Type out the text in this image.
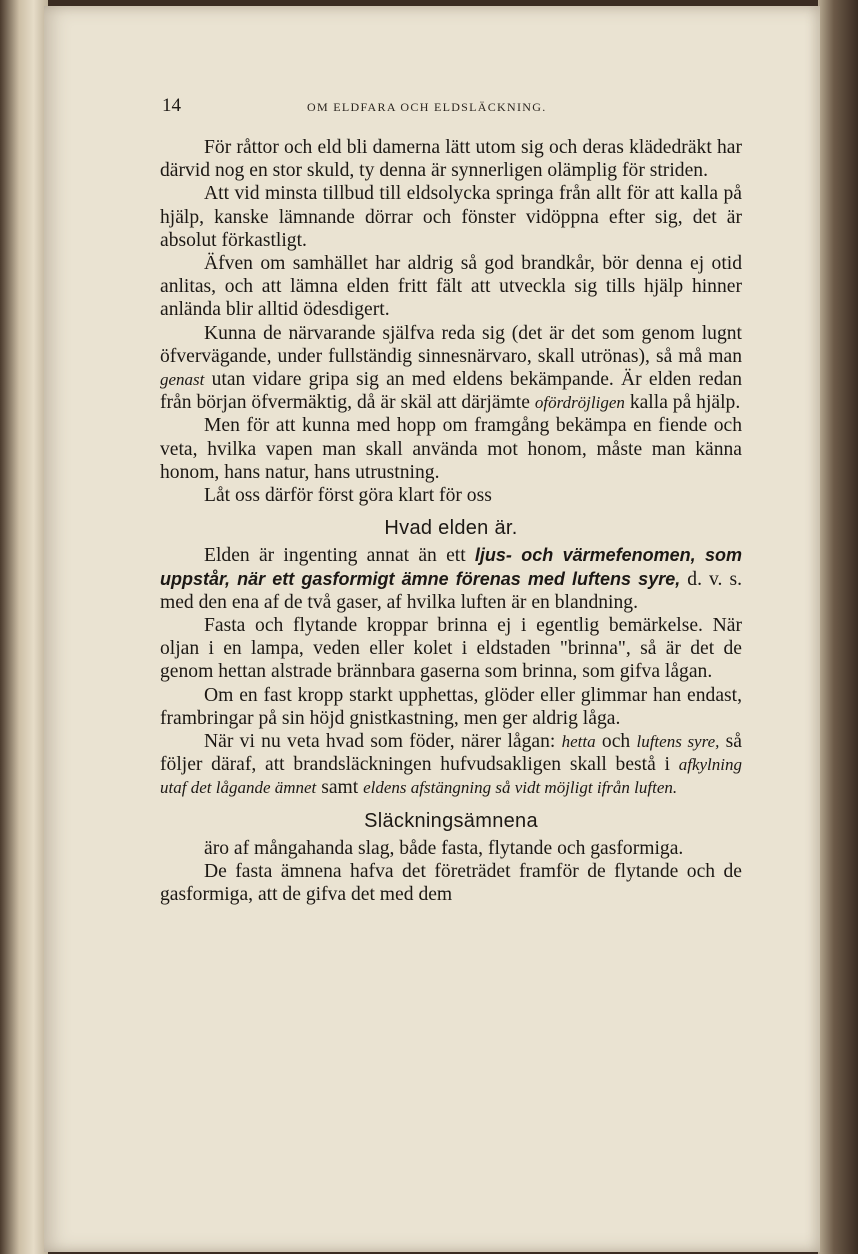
14	OM ELDFARA OCH ELDSLÄCKNING.

För råttor och eld bli damerna lätt utom sig och deras klädedräkt har därvid nog en stor skuld, ty denna är synnerligen olämplig för striden.

Att vid minsta tillbud till eldsolycka springa från allt för att kalla på hjälp, kanske lämnande dörrar och fönster vidöppna efter sig, det är absolut förkastligt.

Äfven om samhället har aldrig så god brandkår, bör denna ej otid anlitas, och att lämna elden fritt fält att utveckla sig tills hjälp hinner anlända blir alltid ödesdigert.

Kunna de närvarande själfva reda sig (det är det som genom lugnt öfvervägande, under fullständig sinnesnärvaro, skall utrönas), så må man genast utan vidare gripa sig an med eldens bekämpande. Är elden redan från början öfvermäktig, då är skäl att därjämte ofördröjligen kalla på hjälp.

Men för att kunna med hopp om framgång bekämpa en fiende och veta, hvilka vapen man skall använda mot honom, måste man känna honom, hans natur, hans utrustning.

Låt oss därför först göra klart för oss

Hvad elden är.

Elden är ingenting annat än ett ljus- och värmefenomen, som uppstår, när ett gasformigt ämne förenas med luftens syre, d. v. s. med den ena af de två gaser, af hvilka luften är en blandning.

Fasta och flytande kroppar brinna ej i egentlig bemärkelse. När oljan i en lampa, veden eller kolet i eldstaden "brinna", så är det de genom hettan alstrade brännbara gaserna som brinna, som gifva lågan.

Om en fast kropp starkt upphettas, glöder eller glimmar han endast, frambringar på sin höjd gnistkastning, men ger aldrig låga.

När vi nu veta hvad som föder, närer lågan: hetta och luftens syre, så följer däraf, att brandsläckningen hufvudsakligen skall bestå i afkylning utaf det lågande ämnet samt eldens afstängning så vidt möjligt ifrån luften.

Släckningsämnena

äro af mångahanda slag, både fasta, flytande och gasformiga.

De fasta ämnena hafva det företrädet framför de flytande och de gasformiga, att de gifva det med dem
